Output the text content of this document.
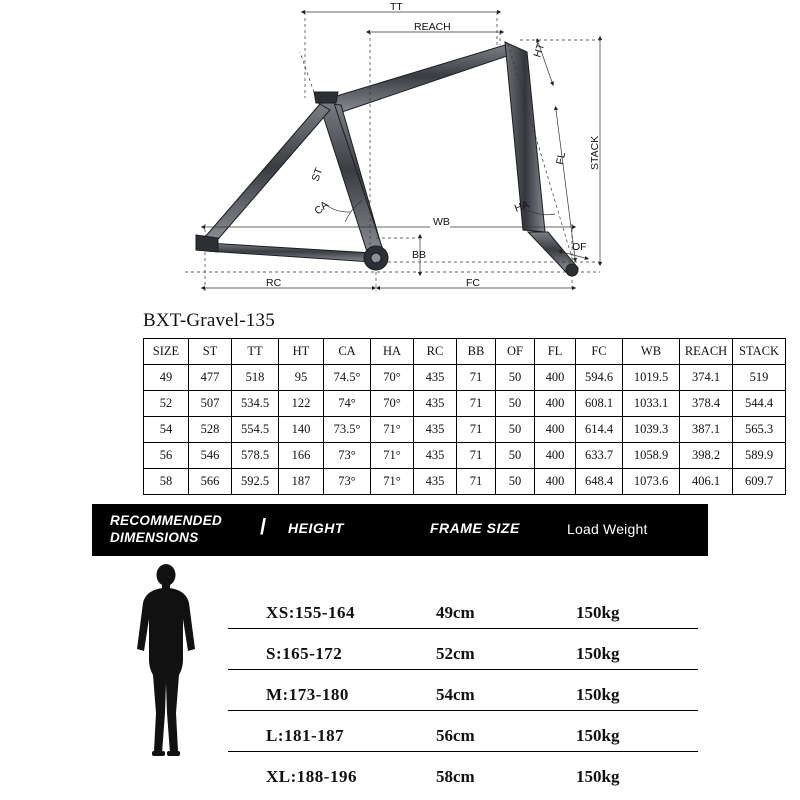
TT
REACH
HT
STACK
ST
CA	HA
WB
BB
RC	FC
FL
OF
BXT-Gravel-135
SIZE	ST	TT	HT	CA	HA	RC	BB	OF	FL	FC	WB	REACH	STACK
49	477	518	95	74.5°	70°	435	71	50	400	594.6	1019.5	374.1	519
52	507	534.5	122	74°	70°	435	71	50	400	608.1	1033.1	378.4	544.4
54	528	554.5	140	73.5°	71°	435	71	50	400	614.4	1039.3	387.1	565.3
56	546	578.5	166	73°	71°	435	71	50	400	633.7	1058.9	398.2	589.9
58	566	592.5	187	73°	71°	435	71	50	400	648.4	1073.6	406.1	609.7
RECOMMENDED
DIMENSIONS	/ HEIGHT	FRAME SIZE	Load Weight
XS:155-164	49cm	150kg
S:165-172	52cm	150kg
M:173-180	54cm	150kg
L:181-187	56cm	150kg
XL:188-196	58cm	150kg
